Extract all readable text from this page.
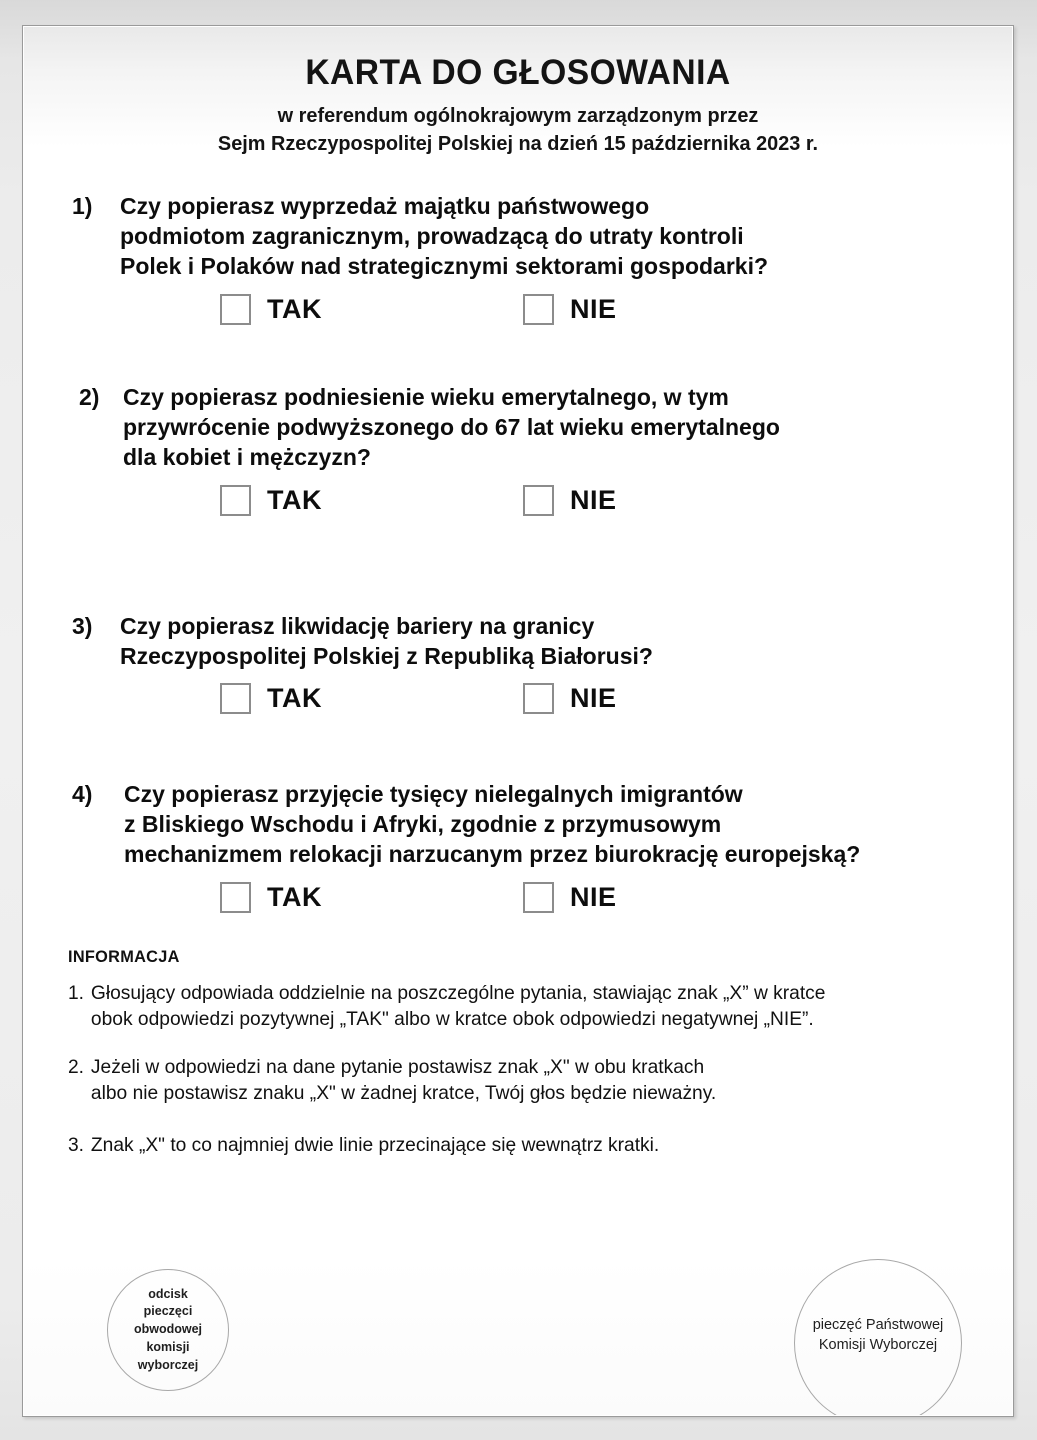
KARTA DO GŁOSOWANIA
w referendum ogólnokrajowym zarządzonym przez
Sejm Rzeczypospolitej Polskiej na dzień 15 października 2023 r.
1)	Czy popierasz wyprzedaż majątku państwowego
podmiotom zagranicznym, prowadzącą do utraty kontroli
Polek i Polaków nad strategicznymi sektorami gospodarki?
TAK	NIE
2)	Czy popierasz podniesienie wieku emerytalnego, w tym
przywrócenie podwyższonego do 67 lat wieku emerytalnego
dla kobiet i mężczyzn?
TAK	NIE
3)	Czy popierasz likwidację bariery na granicy
Rzeczypospolitej Polskiej z Republiką Białorusi?
TAK	NIE
4)	Czy popierasz przyjęcie tysięcy nielegalnych imigrantów
z Bliskiego Wschodu i Afryki, zgodnie z przymusowym
mechanizmem relokacji narzucanym przez biurokrację europejską?
TAK	NIE
INFORMACJA
1. Głosujący odpowiada oddzielnie na poszczególne pytania, stawiając znak „X” w kratce
obok odpowiedzi pozytywnej „TAK" albo w kratce obok odpowiedzi negatywnej „NIE”.
2. Jeżeli w odpowiedzi na dane pytanie postawisz znak „X" w obu kratkach
albo nie postawisz znaku „X" w żadnej kratce, Twój głos będzie nieważny.
3. Znak „X" to co najmniej dwie linie przecinające się wewnątrz kratki.
odcisk
pieczęci
obwodowej
komisji
wyborczej
pieczęć Państwowej
Komisji Wyborczej
